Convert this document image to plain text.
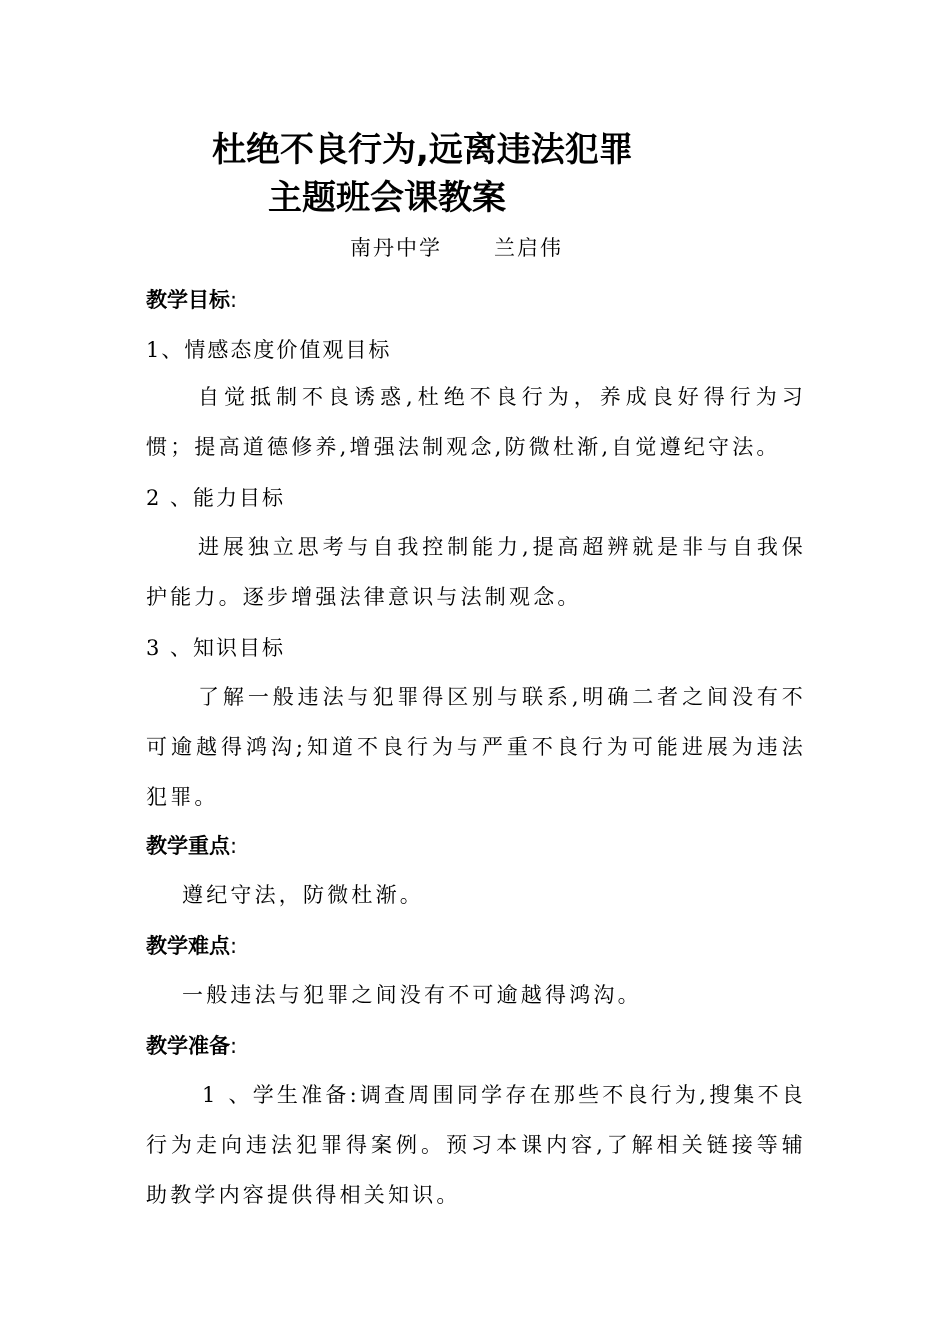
杜绝不良行为,远离违法犯罪
主题班会课教案
南丹中学 兰启伟
教学目标:
1、情感态度价值观目标
自觉抵制不良诱惑,杜绝不良行为，养成良好得行为习惯；提高道德修养,增强法制观念,防微杜渐,自觉遵纪守法。
2 、能力目标
进展独立思考与自我控制能力,提高超辨就是非与自我保护能力。逐步增强法律意识与法制观念。
3 、知识目标
了解一般违法与犯罪得区别与联系,明确二者之间没有不可逾越得鸿沟;知道不良行为与严重不良行为可能进展为违法犯罪。
教学重点:
遵纪守法，防微杜渐。
教学难点:
一般违法与犯罪之间没有不可逾越得鸿沟。
教学准备:
1 、学生准备:调查周围同学存在那些不良行为,搜集不良行为走向违法犯罪得案例。预习本课内容,了解相关链接等辅助教学内容提供得相关知识。
